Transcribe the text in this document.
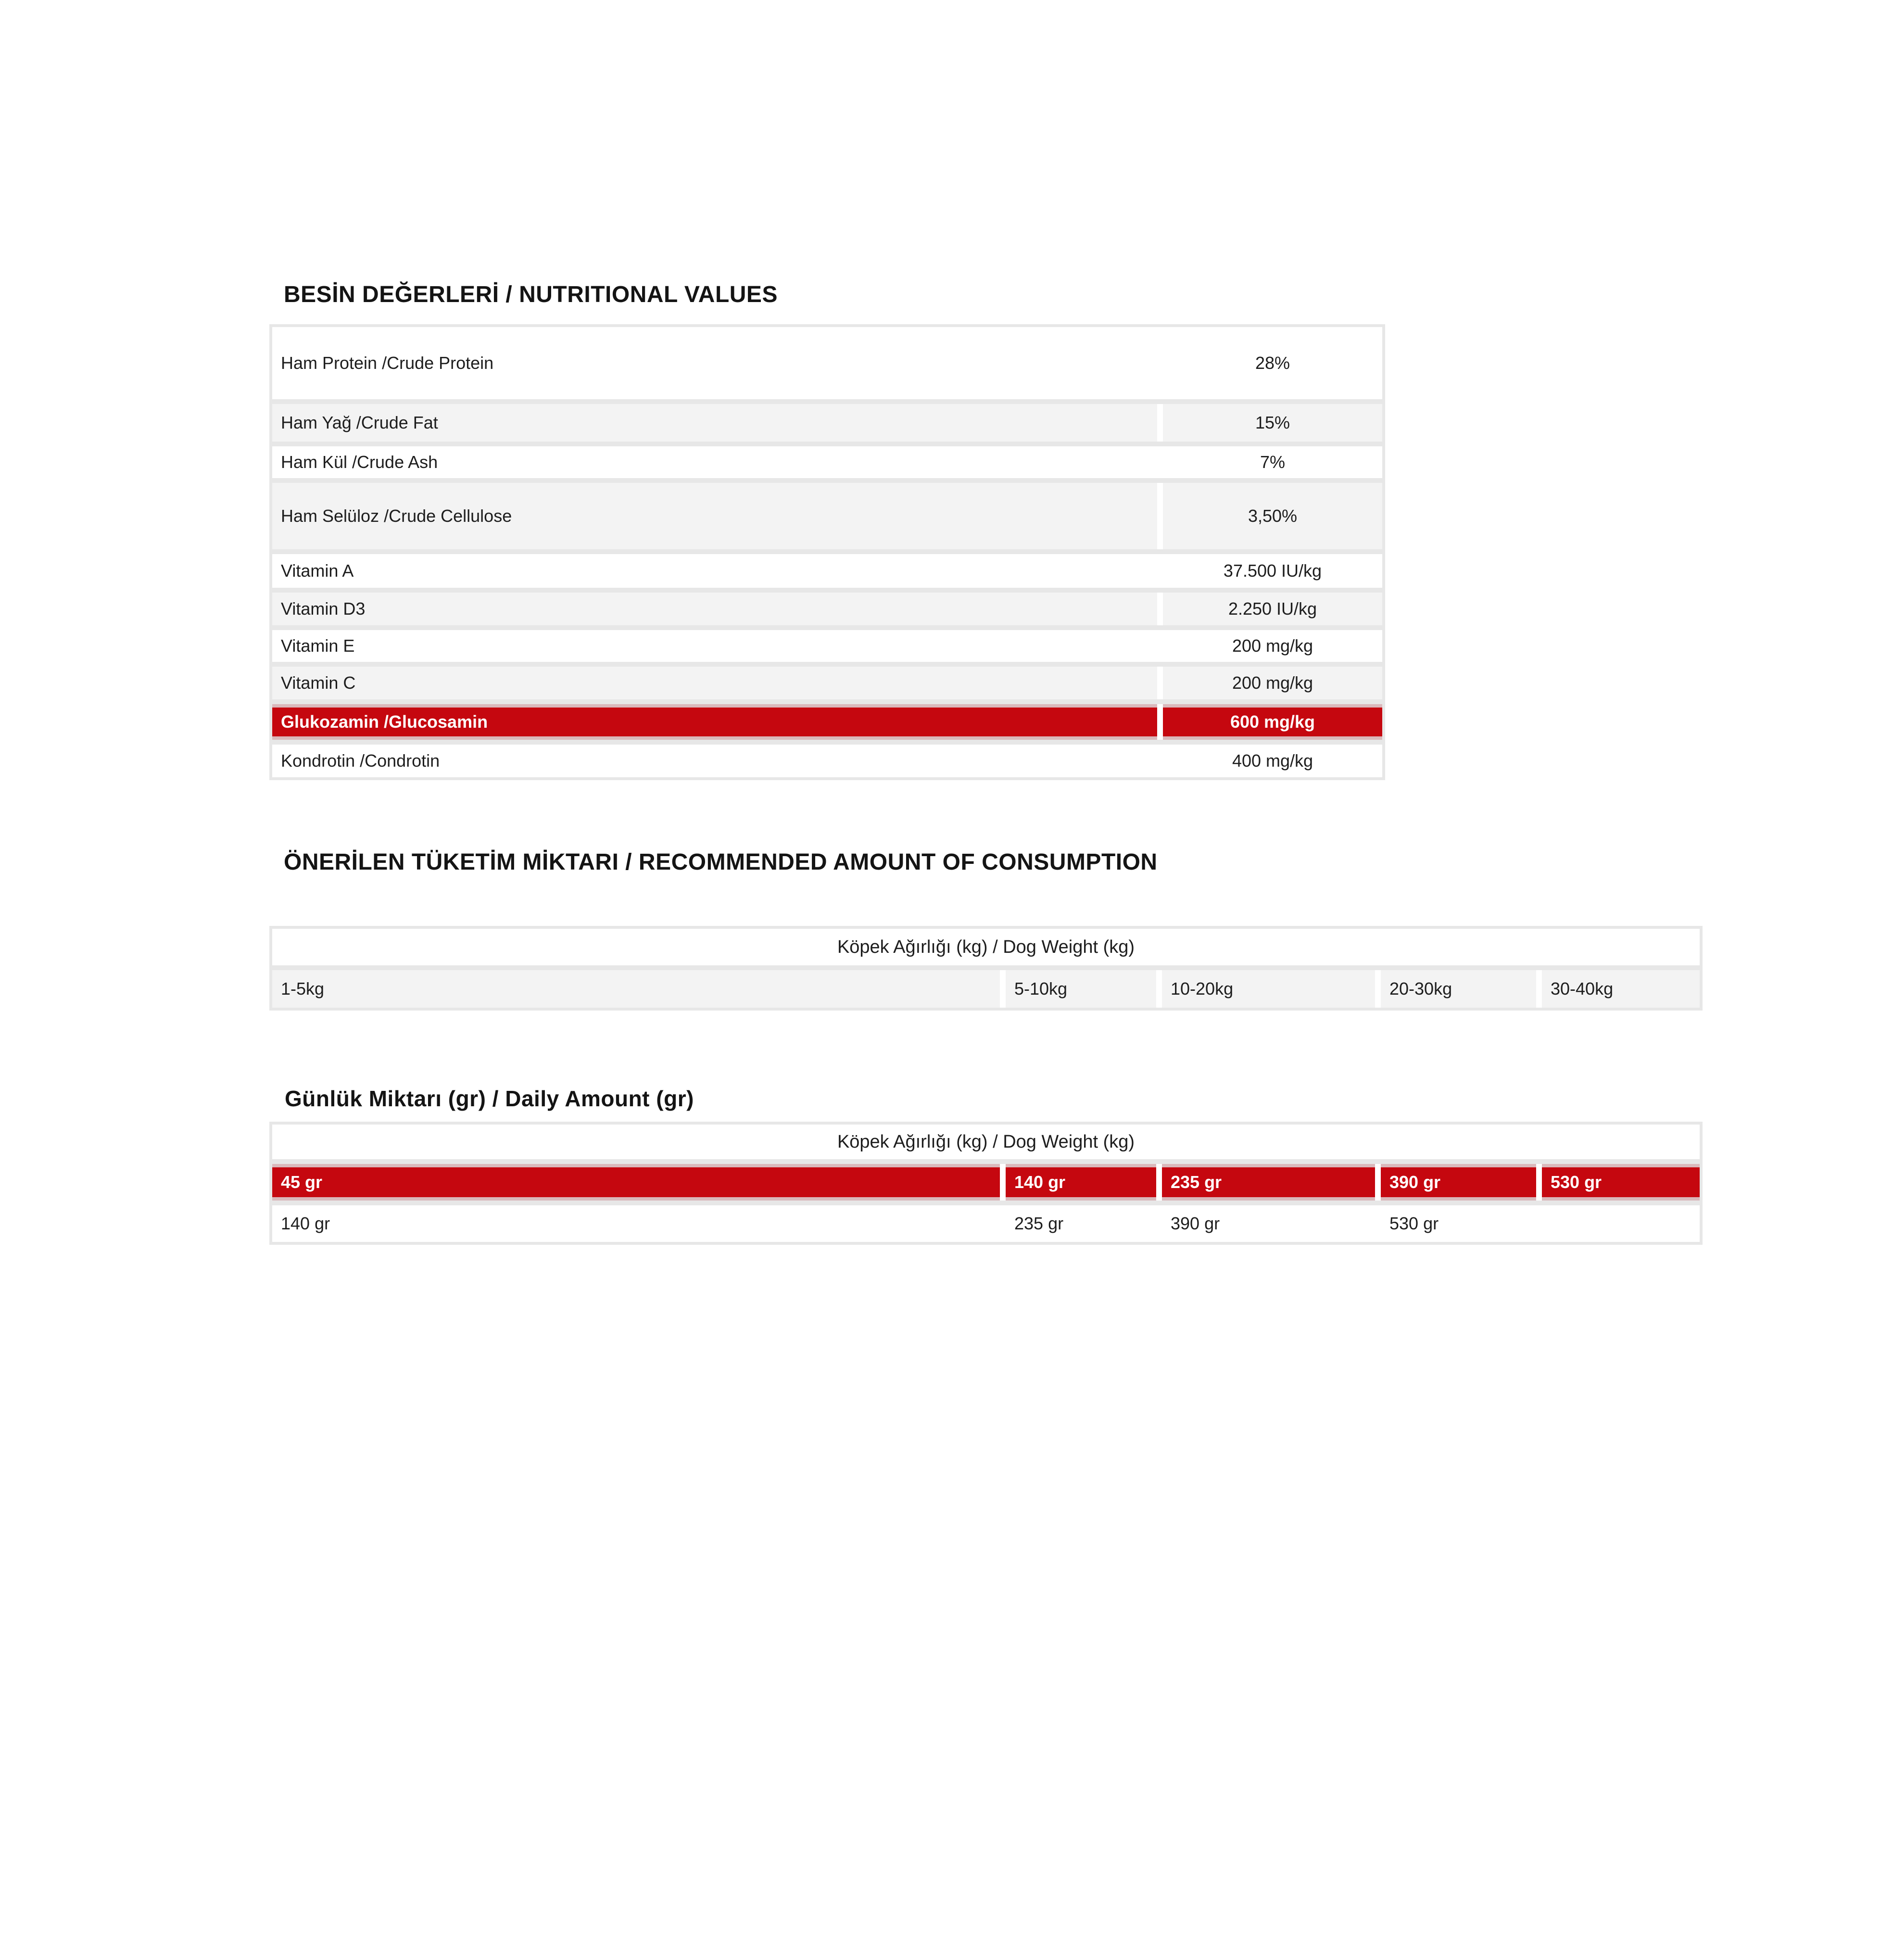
BESİN DEĞERLERİ / NUTRITIONAL VALUES
Ham Protein /Crude Protein	28%
Ham Yağ /Crude Fat	15%
Ham Kül /Crude Ash	7%
Ham Selüloz /Crude Cellulose	3,50%
Vitamin A	37.500 IU/kg
Vitamin D3	2.250 IU/kg
Vitamin E	200 mg/kg
Vitamin C	200 mg/kg
Glukozamin /Glucosamin	600 mg/kg
Kondrotin /Condrotin	400 mg/kg
ÖNERİLEN TÜKETİM MİKTARI / RECOMMENDED AMOUNT OF CONSUMPTION
Köpek Ağırlığı (kg) / Dog Weight (kg)
1-5kg	5-10kg	10-20kg	20-30kg	30-40kg
Günlük Miktarı (gr) / Daily Amount (gr)
Köpek Ağırlığı (kg) / Dog Weight (kg)
45 gr	140 gr	235 gr	390 gr	530 gr
140 gr	235 gr	390 gr	530 gr
